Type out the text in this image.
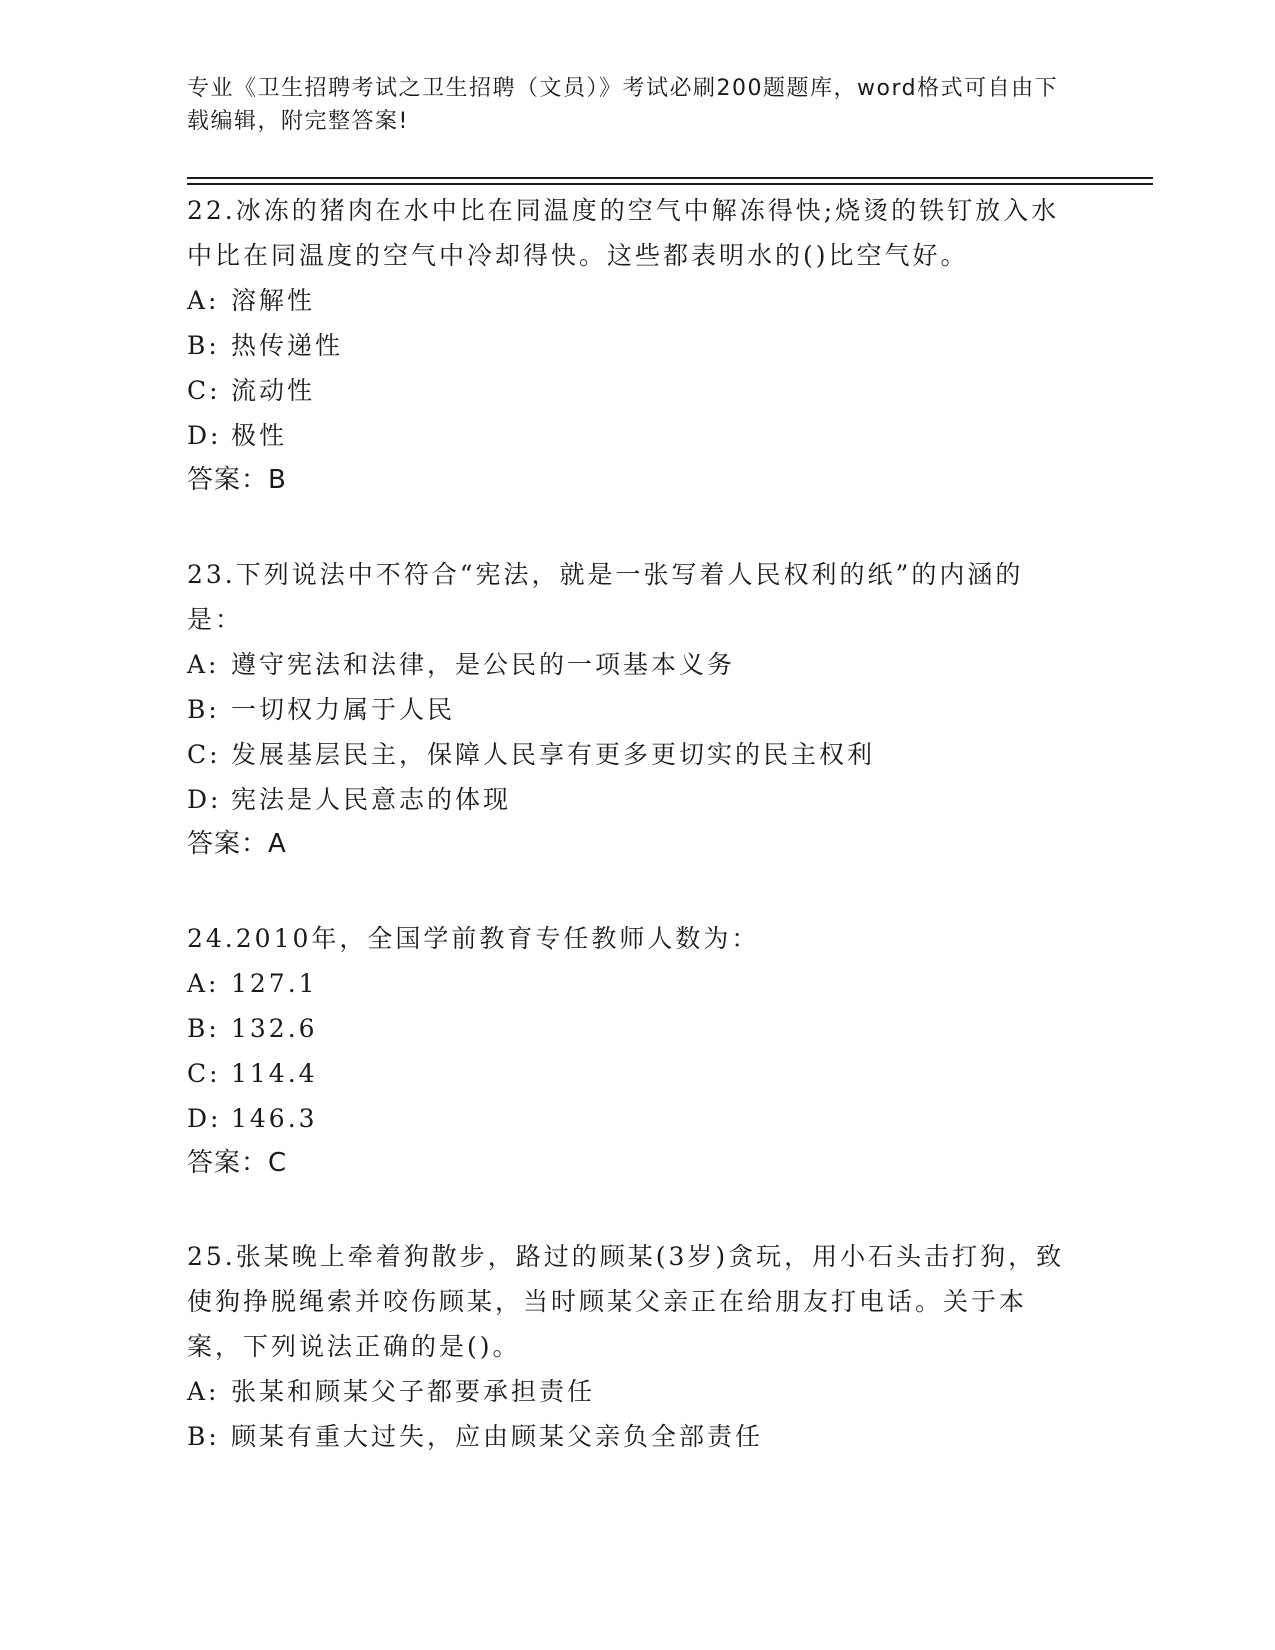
专业《卫生招聘考试之卫生招聘（文员）》考试必刷200题题库，word格式可自由下载编辑，附完整答案!

22.冰冻的猪肉在水中比在同温度的空气中解冻得快;烧烫的铁钉放入水中比在同温度的空气中冷却得快。这些都表明水的()比空气好。

A: 溶解性
B: 热传递性
C: 流动性
D: 极性
答案：B

23.下列说法中不符合“宪法，就是一张写着人民权利的纸”的内涵的是：

A: 遵守宪法和法律，是公民的一项基本义务
B: 一切权力属于人民
C: 发展基层民主，保障人民享有更多更切实的民主权利
D: 宪法是人民意志的体现
答案：A

24.2010年，全国学前教育专任教师人数为：

A: 127.1
B: 132.6
C: 114.4
D: 146.3
答案：C

25.张某晚上牵着狗散步，路过的顾某(3岁)贪玩，用小石头击打狗，致使狗挣脱绳索并咬伤顾某，当时顾某父亲正在给朋友打电话。关于本案，下列说法正确的是()。

A: 张某和顾某父子都要承担责任
B: 顾某有重大过失，应由顾某父亲负全部责任
